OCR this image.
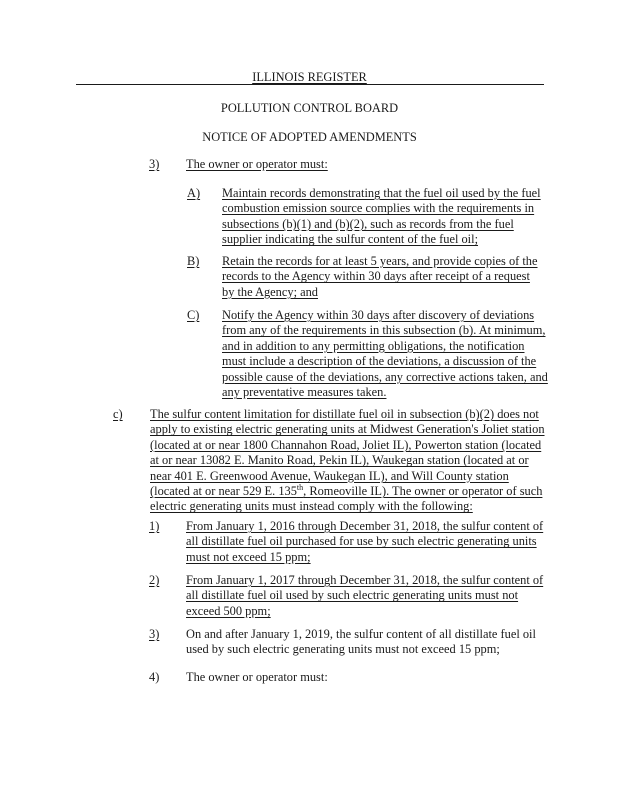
ILLINOIS REGISTER
POLLUTION CONTROL BOARD
NOTICE OF ADOPTED AMENDMENTS
3) The owner or operator must:
A) Maintain records demonstrating that the fuel oil used by the fuel combustion emission source complies with the requirements in subsections (b)(1) and (b)(2), such as records from the fuel supplier indicating the sulfur content of the fuel oil;
B) Retain the records for at least 5 years, and provide copies of the records to the Agency within 30 days after receipt of a request by the Agency; and
C) Notify the Agency within 30 days after discovery of deviations from any of the requirements in this subsection (b). At minimum, and in addition to any permitting obligations, the notification must include a description of the deviations, a discussion of the possible cause of the deviations, any corrective actions taken, and any preventative measures taken.
c) The sulfur content limitation for distillate fuel oil in subsection (b)(2) does not apply to existing electric generating units at Midwest Generation's Joliet station (located at or near 1800 Channahon Road, Joliet IL), Powerton station (located at or near 13082 E. Manito Road, Pekin IL), Waukegan station (located at or near 401 E. Greenwood Avenue, Waukegan IL), and Will County station (located at or near 529 E. 135th, Romeoville IL). The owner or operator of such electric generating units must instead comply with the following:
1) From January 1, 2016 through December 31, 2018, the sulfur content of all distillate fuel oil purchased for use by such electric generating units must not exceed 15 ppm;
2) From January 1, 2017 through December 31, 2018, the sulfur content of all distillate fuel oil used by such electric generating units must not exceed 500 ppm;
3) On and after January 1, 2019, the sulfur content of all distillate fuel oil used by such electric generating units must not exceed 15 ppm;
4) The owner or operator must:
